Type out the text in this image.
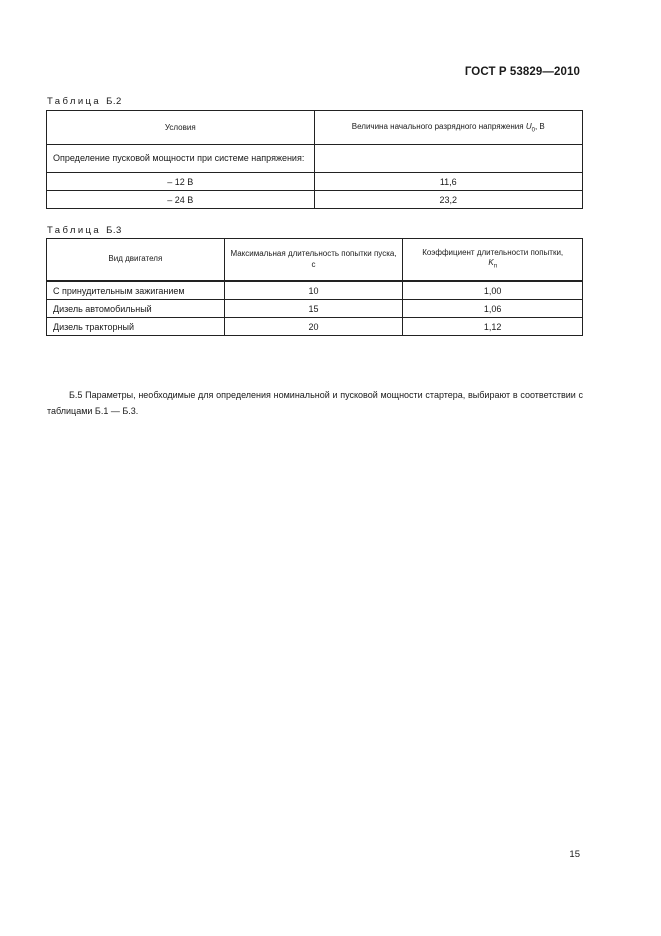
ГОСТ Р 53829—2010
Таблица Б.2
Условия	Величина начального разрядного напряжения $U_0$, В
Определение пусковой мощности при системе напряжения:	
– 12 В	11,6
– 24 В	23,2
Таблица Б.3
Вид двигателя	Максимальная длительность попытки пуска, с	Коэффициент длительности попытки,
$K_п$
С принудительным зажиганием	10	1,00
Дизель автомобильный	15	1,06
Дизель тракторный	20	1,12

Б.5 Параметры, необходимые для определения номинальной и пусковой мощности стартера, выбирают в соответствии с таблицами Б.1 — Б.3.

15
